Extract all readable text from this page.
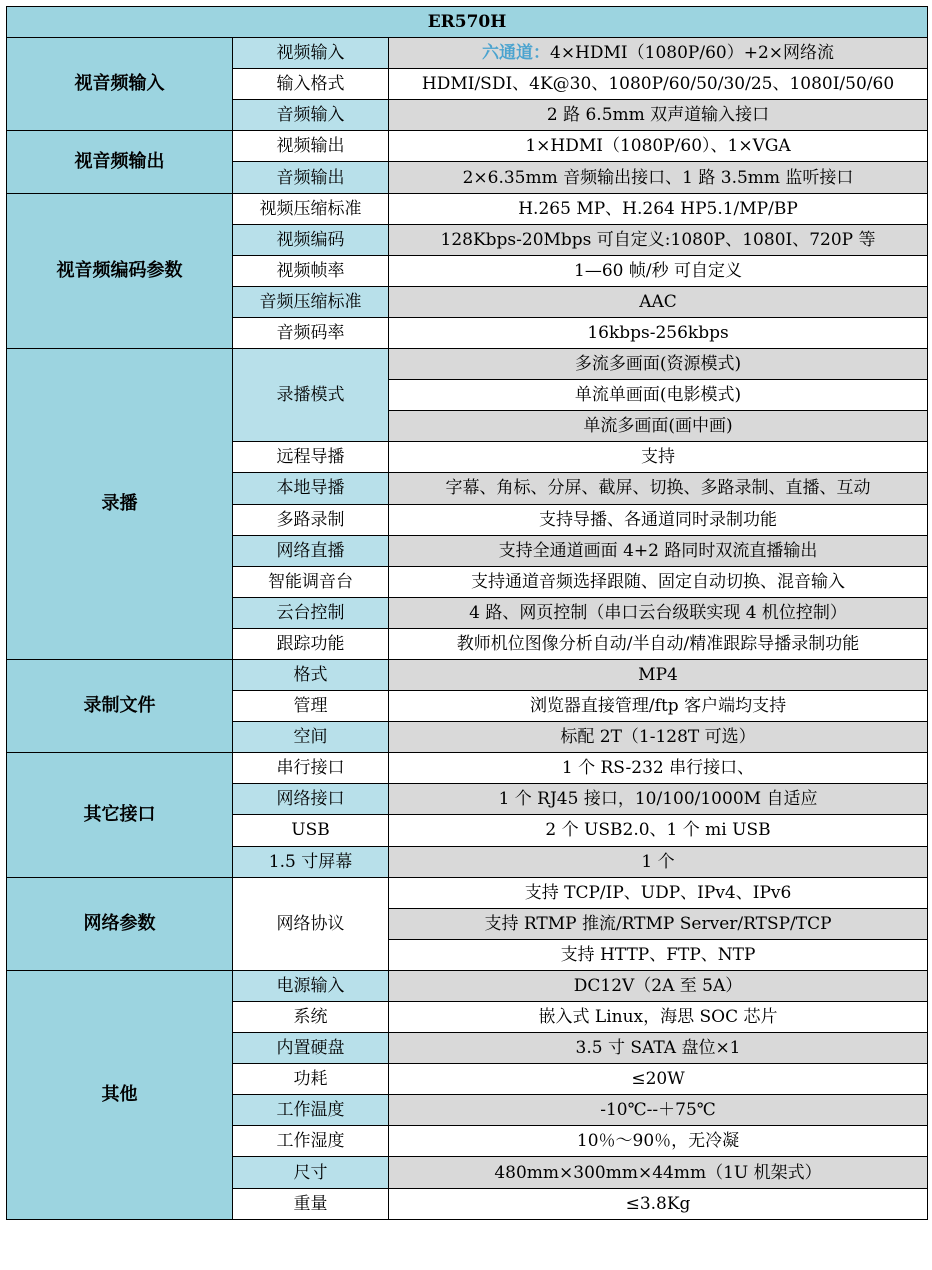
ER570H		
视音频输入	视频输入	六通道：4×HDMI（1080P/60）+2×网络流
	输入格式	HDMI/SDI、4K@30、1080P/60/50/30/25、1080I/50/60
	音频输入	2 路 6.5mm 双声道输入接口
视音频输出	视频输出	1×HDMI（1080P/60）、1×VGA
	音频输出	2×6.35mm 音频输出接口、1 路 3.5mm 监听接口
视音频编码参数	视频压缩标准	H.265 MP、H.264 HP5.1/MP/BP
	视频编码	128Kbps-20Mbps 可自定义:1080P、1080I、720P 等
	视频帧率	1—60 帧/秒 可自定义
	音频压缩标准	AAC
	音频码率	16kbps-256kbps
录播	录播模式	多流多画面(资源模式)
		单流单画面(电影模式)
		单流多画面(画中画)
	远程导播	支持
	本地导播	字幕、角标、分屏、截屏、切换、多路录制、直播、互动
	多路录制	支持导播、各通道同时录制功能
	网络直播	支持全通道画面 4+2 路同时双流直播输出
	智能调音台	支持通道音频选择跟随、固定自动切换、混音输入
	云台控制	4 路、网页控制（串口云台级联实现 4 机位控制）
	跟踪功能	教师机位图像分析自动/半自动/精准跟踪导播录制功能
录制文件	格式	MP4
	管理	浏览器直接管理/ftp 客户端均支持
	空间	标配 2T（1-128T 可选）
其它接口	串行接口	1 个 RS-232 串行接口、
	网络接口	1 个 RJ45 接口，10/100/1000M 自适应
	USB	2 个 USB2.0、1 个 mi USB
	1.5 寸屏幕	1 个
网络参数	网络协议	支持 TCP/IP、UDP、IPv4、IPv6
		支持 RTMP 推流/RTMP Server/RTSP/TCP
		支持 HTTP、FTP、NTP
其他	电源输入	DC12V（2A 至 5A）
	系统	嵌入式 Linux，海思 SOC 芯片
	内置硬盘	3.5 寸 SATA 盘位×1
	功耗	≤20W
	工作温度	-10℃--＋75℃
	工作湿度	10％～90％，无冷凝
	尺寸	480mm×300mm×44mm（1U 机架式）
	重量	≤3.8Kg
